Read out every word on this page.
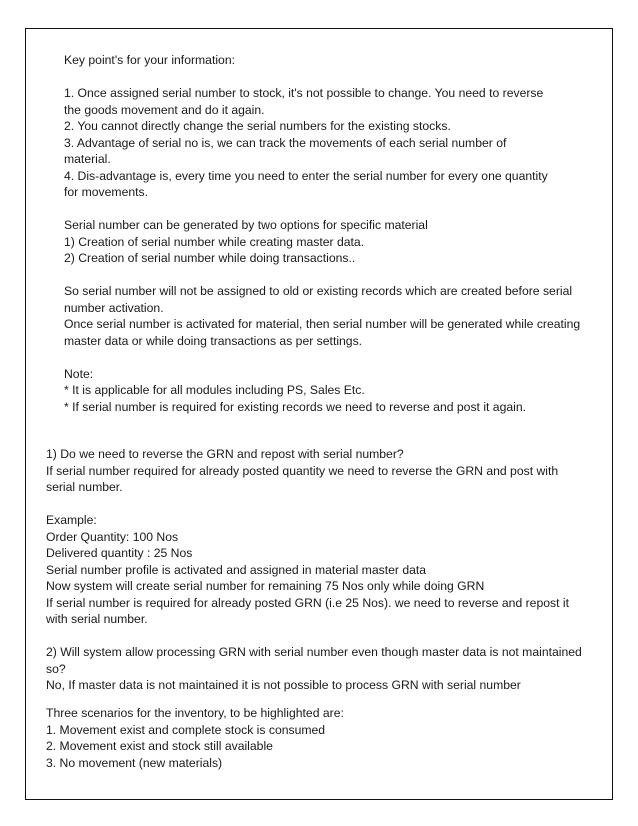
Key point's for your information:
1. Once assigned serial number to stock, it's not possible to change. You need to reverse
the goods movement and do it again.
2. You cannot directly change the serial numbers for the existing stocks.
3. Advantage of serial no is, we can track the movements of each serial number of
material.
4. Dis-advantage is, every time you need to enter the serial number for every one quantity
for movements.
Serial number can be generated by two options for specific material
1) Creation of serial number while creating master data.
2) Creation of serial number while doing transactions..
So serial number will not be assigned to old or existing records which are created before serial
number activation.
Once serial number is activated for material, then serial number will be generated while creating
master data or while doing transactions as per settings.
Note:
* It is applicable for all modules including PS, Sales Etc.
* If serial number is required for existing records we need to reverse and post it again.
1) Do we need to reverse the GRN and repost with serial number?
If serial number required for already posted quantity we need to reverse the GRN and post with
serial number.
Example:
Order Quantity: 100 Nos
Delivered quantity : 25 Nos
Serial number profile is activated and assigned in material master data
Now system will create serial number for remaining 75 Nos only while doing GRN
If serial number is required for already posted GRN (i.e 25 Nos). we need to reverse and repost it
with serial number.
2) Will system allow processing GRN with serial number even though master data is not maintained
so?
No, If master data is not maintained it is not possible to process GRN with serial number
Three scenarios for the inventory, to be highlighted are:
1. Movement exist and complete stock is consumed
2. Movement exist and stock still available
3. No movement (new materials)
